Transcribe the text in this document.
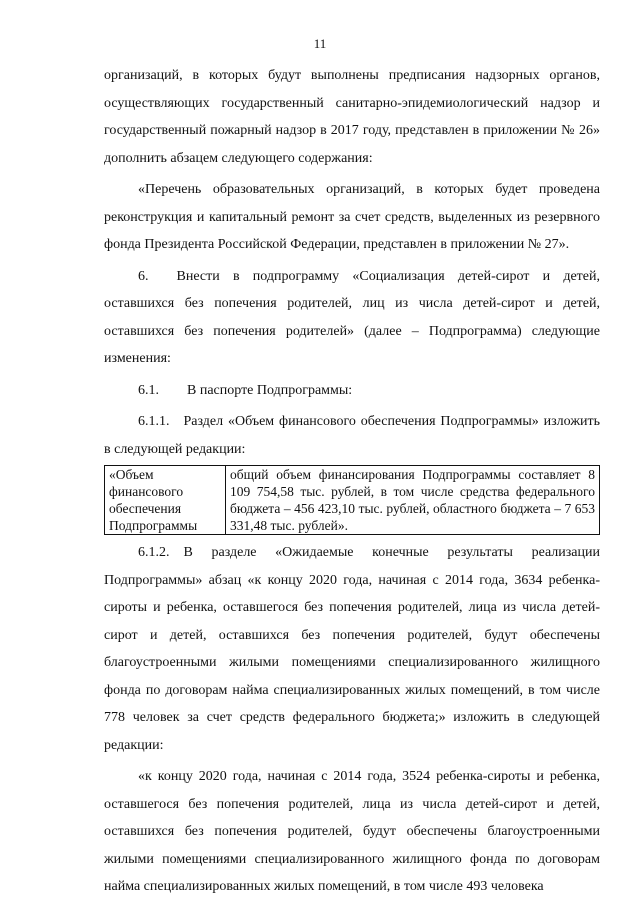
11

организаций, в которых будут выполнены предписания надзорных органов, осуществляющих государственный санитарно-эпидемиологический надзор и государственный пожарный надзор в 2017 году, представлен в приложении № 26» дополнить абзацем следующего содержания:

«Перечень образовательных организаций, в которых будет проведена реконструкция и капитальный ремонт за счет средств, выделенных из резервного фонда Президента Российской Федерации, представлен в приложении № 27».

6.  Внести в подпрограмму «Социализация детей-сирот и детей, оставшихся без попечения родителей, лиц из числа детей-сирот и детей, оставшихся без попечения родителей» (далее – Подпрограмма) следующие изменения:

6.1.  В паспорте Подпрограммы:

6.1.1. Раздел «Объем финансового обеспечения Подпрограммы» изложить в следующей редакции:

«Объем финансового обеспечения Подпрограммы	общий объем финансирования Подпрограммы составляет 8 109 754,58 тыс. рублей, в том числе средства федерального бюджета – 456 423,10 тыс. рублей, областного бюджета – 7 653 331,48 тыс. рублей».

6.1.2. В разделе «Ожидаемые конечные результаты реализации Подпрограммы» абзац «к концу 2020 года, начиная с 2014 года, 3634 ребенка-сироты и ребенка, оставшегося без попечения родителей, лица из числа детей-сирот и детей, оставшихся без попечения родителей, будут обеспечены благоустроенными жилыми помещениями специализированного жилищного фонда по договорам найма специализированных жилых помещений, в том числе 778 человек за счет средств федерального бюджета;» изложить в следующей редакции:

«к концу 2020 года, начиная с 2014 года, 3524 ребенка-сироты и ребенка, оставшегося без попечения родителей, лица из числа детей-сирот и детей, оставшихся без попечения родителей, будут обеспечены благоустроенными жилыми помещениями специализированного жилищного фонда по договорам найма специализированных жилых помещений, в том числе 493 человека
